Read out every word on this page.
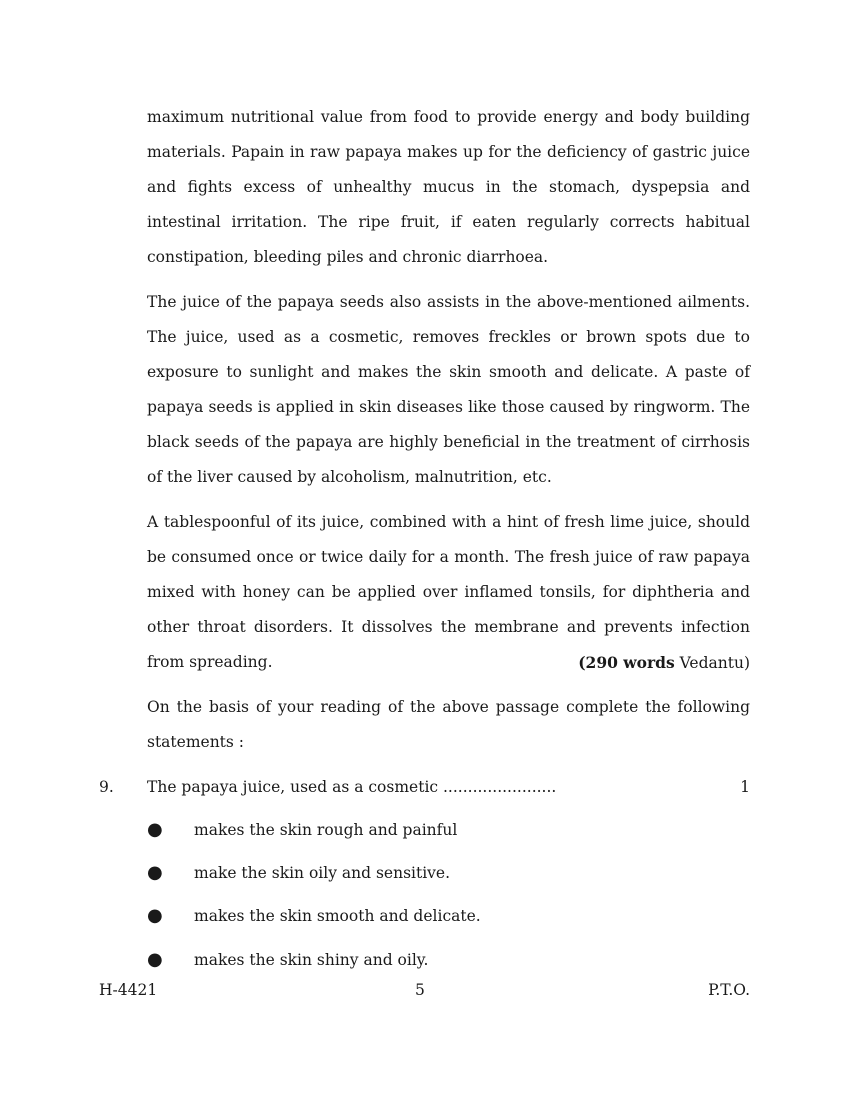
maximum nutritional value from food to provide energy and body building materials. Papain in raw papaya makes up for the deficiency of gastric juice and fights excess of unhealthy mucus in the stomach, dyspepsia and intestinal irritation. The ripe fruit, if eaten regularly corrects habitual constipation, bleeding piles and chronic diarrhoea.

The juice of the papaya seeds also assists in the above-mentioned ailments. The juice, used as a cosmetic, removes freckles or brown spots due to exposure to sunlight and makes the skin smooth and delicate. A paste of papaya seeds is applied in skin diseases like those caused by ringworm. The black seeds of the papaya are highly beneficial in the treatment of cirrhosis of the liver caused by alcoholism, malnutrition, etc.

A tablespoonful of its juice, combined with a hint of fresh lime juice, should be consumed once or twice daily for a month. The fresh juice of raw papaya mixed with honey can be applied over inflamed tonsils, for diphtheria and other throat disorders. It dissolves the membrane and prevents infection from spreading.	(290 words Vedantu)

On the basis of your reading of the above passage complete the following statements :

9. The papaya juice, used as a cosmetic .......................	1
● makes the skin rough and painful
● make the skin oily and sensitive.
● makes the skin smooth and delicate.
● makes the skin shiny and oily.
H-4421	5	P.T.O.
